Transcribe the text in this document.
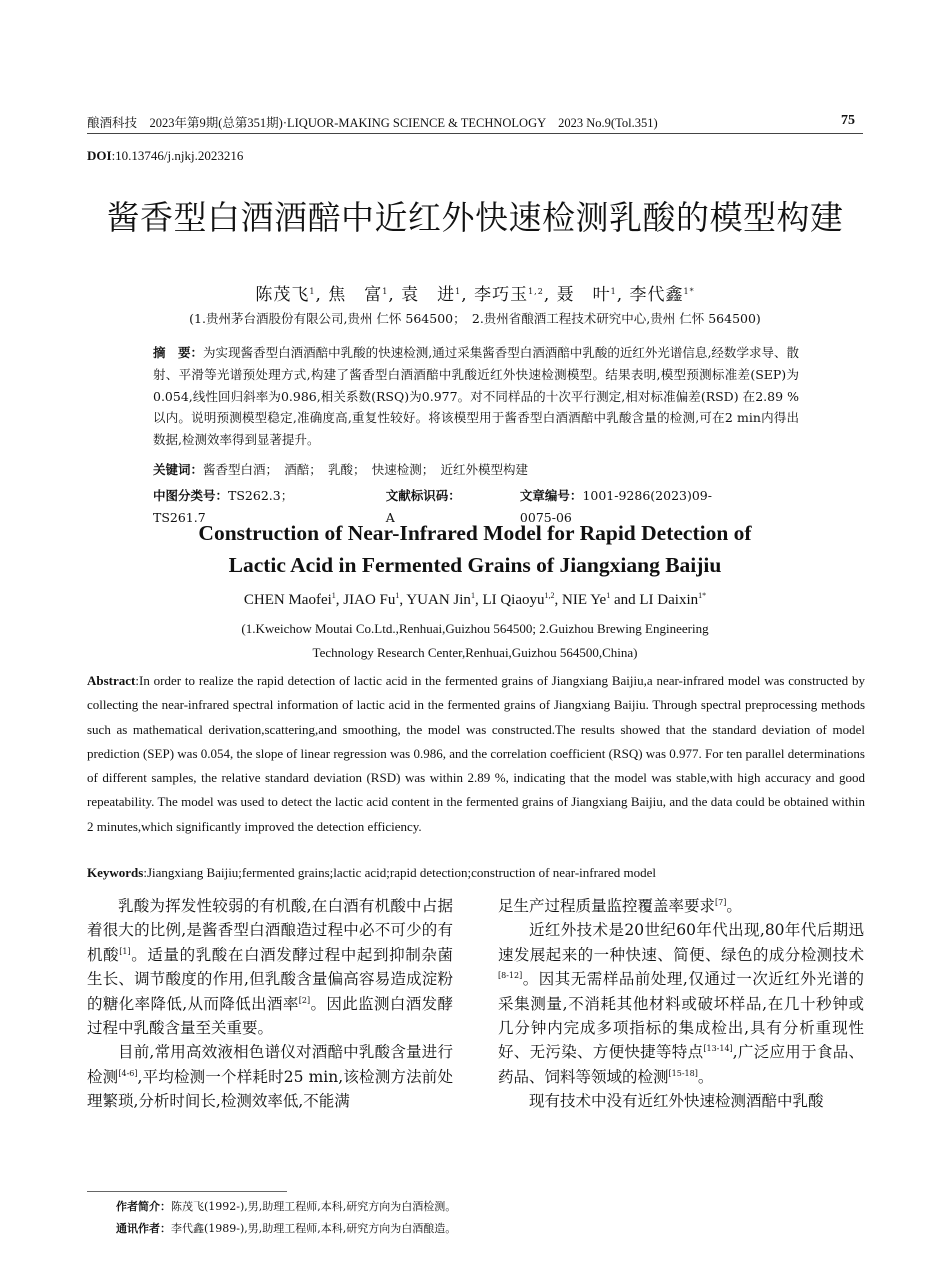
酿酒科技　2023年第9期(总第351期)·LIQUOR-MAKING SCIENCE & TECHNOLOGY　2023 No.9(Tol.351)	75
DOI:10.13746/j.njkj.2023216
酱香型白酒酒醅中近红外快速检测乳酸的模型构建
陈茂飞$^1$, 焦　富$^1$, 袁　进$^1$, 李巧玉$^{1,2}$, 聂　叶$^1$, 李代鑫$^{1*}$
(1.贵州茅台酒股份有限公司,贵州 仁怀 564500；　2.贵州省酿酒工程技术研究中心,贵州 仁怀 564500)
摘　要：为实现酱香型白酒酒醅中乳酸的快速检测,通过采集酱香型白酒酒醅中乳酸的近红外光谱信息,经数学求导、散射、平滑等光谱预处理方式,构建了酱香型白酒酒醅中乳酸近红外快速检测模型。结果表明,模型预测标准差(SEP)为0.054,线性回归斜率为0.986,相关系数(RSQ)为0.977。对不同样品的十次平行测定,相对标准偏差(RSD) 在2.89 %以内。说明预测模型稳定,准确度高,重复性较好。将该模型用于酱香型白酒酒醅中乳酸含量的检测,可在2 min内得出数据,检测效率得到显著提升。
关键词：酱香型白酒；　酒醅；　乳酸；　快速检测；　近红外模型构建
中图分类号：TS262.3；TS261.7
文献标识码：A
文章编号：1001-9286(2023)09-0075-06
Construction of Near-Infrared Model for Rapid Detection of
Lactic Acid in Fermented Grains of Jiangxiang Baijiu
CHEN Maofei$^1$, JIAO Fu$^1$, YUAN Jin$^1$, LI Qiaoyu$^{1,2}$, NIE Ye$^1$ and LI Daixin$^{1*}$
(1.Kweichow Moutai Co.Ltd.,Renhuai,Guizhou 564500; 2.Guizhou Brewing Engineering
Technology Research Center,Renhuai,Guizhou 564500,China)
Abstract:In order to realize the rapid detection of lactic acid in the fermented grains of Jiangxiang Baijiu,a near-infrared model was constructed by collecting the near-infrared spectral information of lactic acid in the fermented grains of Jiangxiang Baijiu. Through spectral preprocessing methods such as mathematical derivation,scattering,and smoothing, the model was constructed.The results showed that the standard deviation of model prediction (SEP) was 0.054, the slope of linear regression was 0.986, and the correlation coefficient (RSQ) was 0.977. For ten parallel determinations of different samples, the relative standard deviation (RSD) was within 2.89 %, indicating that the model was stable,with high accuracy and good repeatability. The model was used to detect the lactic acid content in the fermented grains of Jiangxiang Baijiu, and the data could be obtained within 2 minutes,which significantly improved the detection efficiency.
Keywords:Jiangxiang Baijiu;fermented grains;lactic acid;rapid detection;construction of near-infrared model

乳酸为挥发性较弱的有机酸,在白酒有机酸中占据着很大的比例,是酱香型白酒酿造过程中必不可少的有机酸[1]。适量的乳酸在白酒发酵过程中起到抑制杂菌生长、调节酸度的作用,但乳酸含量偏高容易造成淀粉的糖化率降低,从而降低出酒率[2]。因此监测白酒发酵过程中乳酸含量至关重要。

目前,常用高效液相色谱仪对酒醅中乳酸含量进行检测[4-6],平均检测一个样耗时25 min,该检测方法前处理繁琐,分析时间长,检测效率低,不能满

足生产过程质量监控覆盖率要求[7]。

近红外技术是20世纪60年代出现,80年代后期迅速发展起来的一种快速、简便、绿色的成分检测技术[8-12]。因其无需样品前处理,仅通过一次近红外光谱的采集测量,不消耗其他材料或破坏样品,在几十秒钟或几分钟内完成多项指标的集成检出,具有分析重现性好、无污染、方便快捷等特点[13-14],广泛应用于食品、药品、饲料等领域的检测[15-18]。

现有技术中没有近红外快速检测酒醅中乳酸

作者简介：陈茂飞(1992-),男,助理工程师,本科,研究方向为白酒检测。
通讯作者：李代鑫(1989-),男,助理工程师,本科,研究方向为白酒酿造。
